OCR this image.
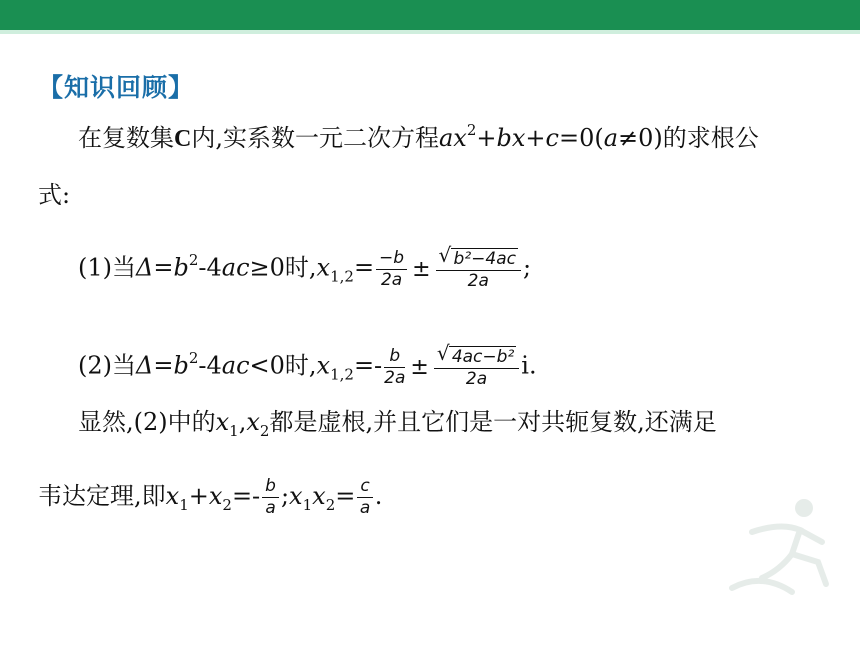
【知识回顾】
在复数集C内,实系数一元二次方程$ax^2+bx+c=0(a\ne 0)$的求根公
式:
(1)当$\Delta=b^2-4ac\ge 0$时$,x_{1,2}= \frac{-b}{2a} \pm \frac{\text{√ b²−4ac}}{2a}$ ;
(2)当$\Delta=b^2-4ac<0$时$,x_{1,2}=- \frac{b}{2a} \pm \frac{\text{√ 4ac−b²}}{2a} i$.
显然,(2)中的$x_1,x_2$都是虚根,并且它们是一对共轭复数,还满足
韦达定理,即$x_1+x_2=- \frac{b}{a}$ $;x_1x_2= \frac{c}{a}$ .
